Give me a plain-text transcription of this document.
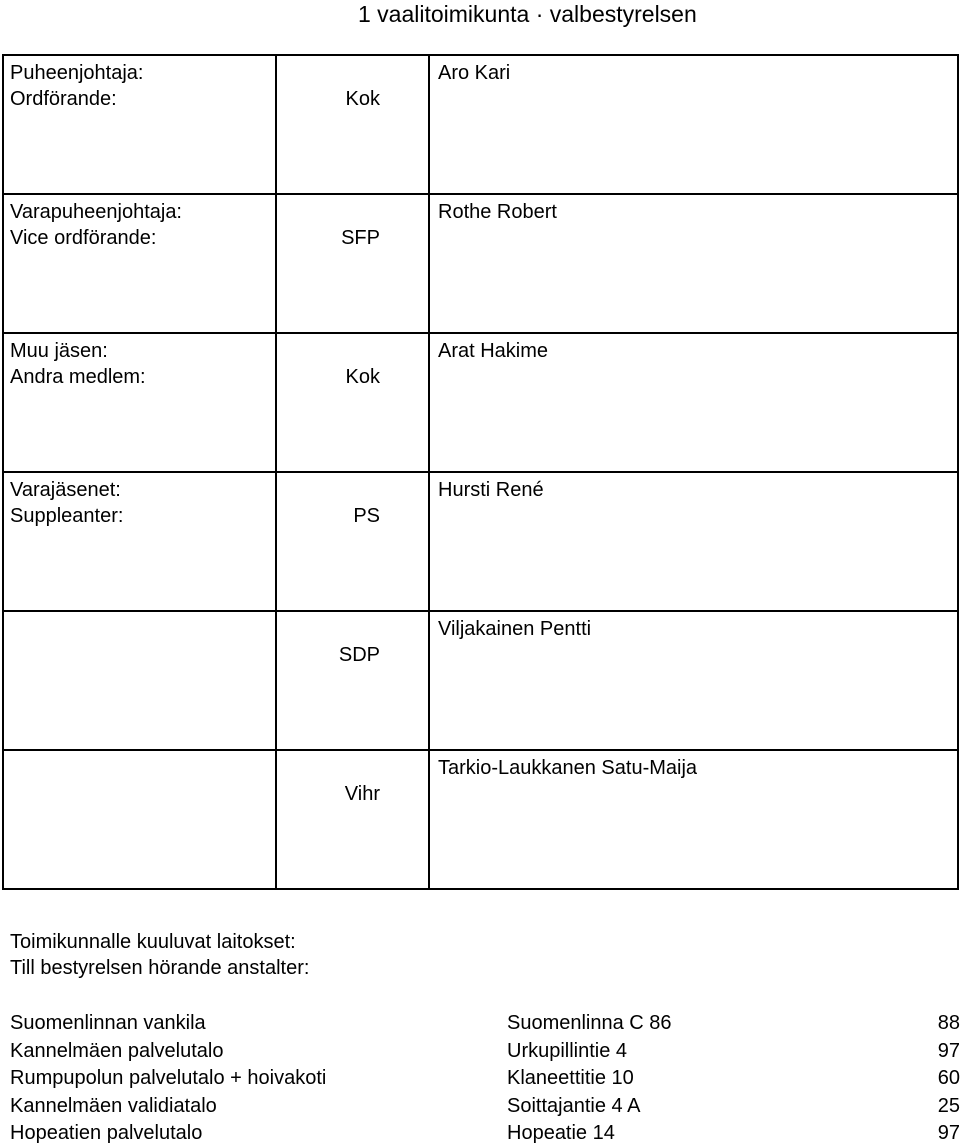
1 vaalitoimikunta · valbestyrelsen
Puheenjohtaja:
Ordförande:	Kok	Aro Kari

Varapuheenjohtaja:
Vice ordförande:	SFP	Rothe Robert

Muu jäsen:
Andra medlem:	Kok	Arat Hakime

Varajäsenet:
Suppleanter:	PS	Hursti René

	SDP	Viljakainen Pentti

	Vihr	Tarkio-Laukkanen Satu-Maija
Toimikunnalle kuuluvat laitokset:
Till bestyrelsen hörande anstalter:
Suomenlinnan vankila	Suomenlinna C 86	88
Kannelmäen palvelutalo	Urkupillintie 4	97
Rumpupolun palvelutalo + hoivakoti	Klaneettitie 10	60
Kannelmäen validiatalo	Soittajantie 4 A	25
Hopeatien palvelutalo	Hopeatie 14	97
